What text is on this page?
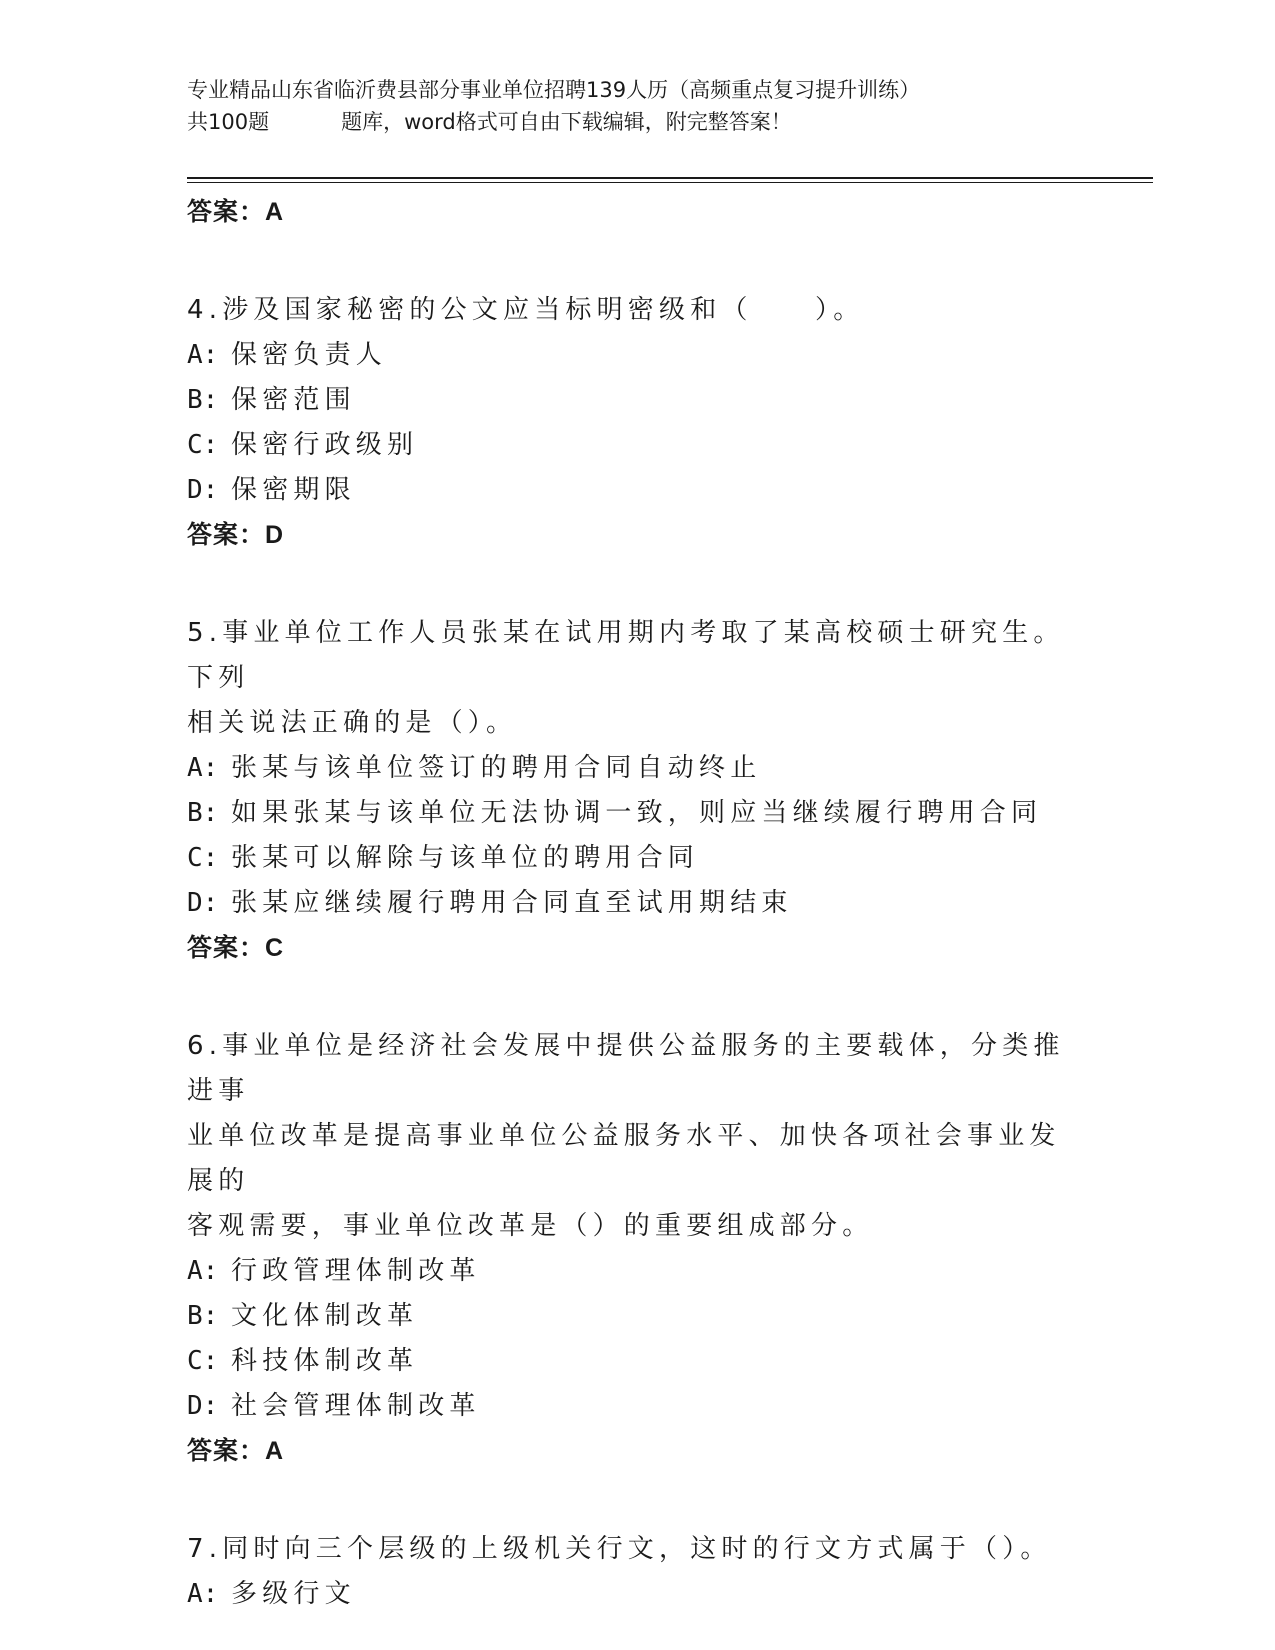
专业精品山东省临沂费县部分事业单位招聘139人历（高频重点复习提升训练）
共100题	题库，word格式可自由下载编辑，附完整答案！
答案：A
4.涉及国家秘密的公文应当标明密级和（　　）。
A: 保密负责人
B: 保密范围
C: 保密行政级别
D: 保密期限
答案：D
5.事业单位工作人员张某在试用期内考取了某高校硕士研究生。下列
相关说法正确的是（）。
A: 张某与该单位签订的聘用合同自动终止
B: 如果张某与该单位无法协调一致，则应当继续履行聘用合同
C: 张某可以解除与该单位的聘用合同
D: 张某应继续履行聘用合同直至试用期结束
答案：C
6.事业单位是经济社会发展中提供公益服务的主要载体，分类推进事
业单位改革是提高事业单位公益服务水平、加快各项社会事业发展的
客观需要，事业单位改革是（）的重要组成部分。
A: 行政管理体制改革
B: 文化体制改革
C: 科技体制改革
D: 社会管理体制改革
答案：A
7.同时向三个层级的上级机关行文，这时的行文方式属于（）。
A: 多级行文
